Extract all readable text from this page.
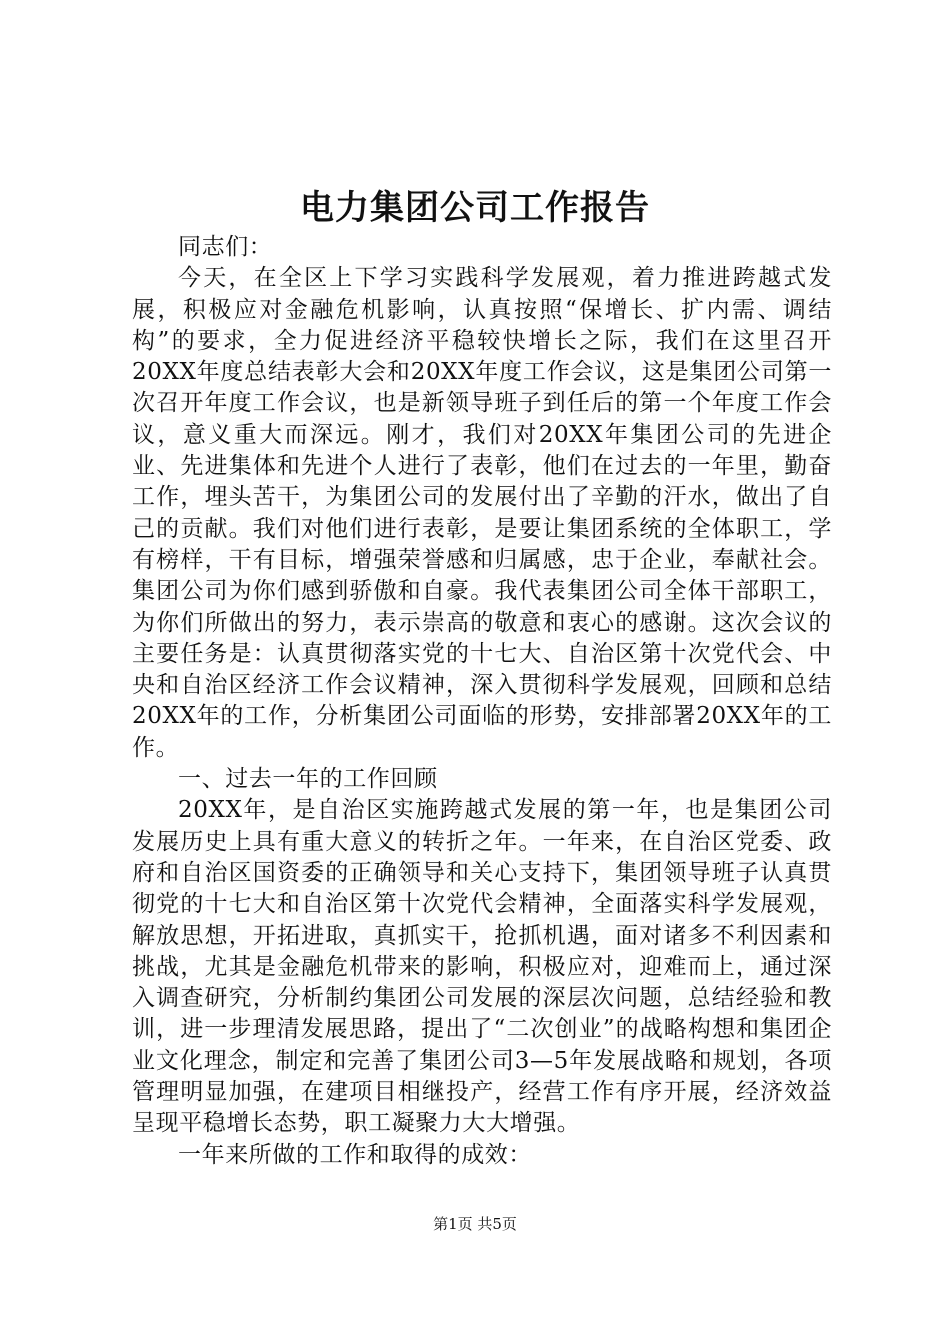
电力集团公司工作报告

同志们：

今天，在全区上下学习实践科学发展观，着力推进跨越式发展，积极应对金融危机影响，认真按照“保增长、扩内需、调结构”的要求，全力促进经济平稳较快增长之际，我们在这里召开20XX年度总结表彰大会和20XX年度工作会议，这是集团公司第一次召开年度工作会议，也是新领导班子到任后的第一个年度工作会议，意义重大而深远。刚才，我们对20XX年集团公司的先进企业、先进集体和先进个人进行了表彰，他们在过去的一年里，勤奋工作，埋头苦干，为集团公司的发展付出了辛勤的汗水，做出了自己的贡献。我们对他们进行表彰，是要让集团系统的全体职工，学有榜样，干有目标，增强荣誉感和归属感，忠于企业，奉献社会。集团公司为你们感到骄傲和自豪。我代表集团公司全体干部职工，为你们所做出的努力，表示崇高的敬意和衷心的感谢。这次会议的主要任务是：认真贯彻落实党的十七大、自治区第十次党代会、中央和自治区经济工作会议精神，深入贯彻科学发展观，回顾和总结20XX年的工作，分析集团公司面临的形势，安排部署20XX年的工作。

一、过去一年的工作回顾

20XX年，是自治区实施跨越式发展的第一年，也是集团公司发展历史上具有重大意义的转折之年。一年来，在自治区党委、政府和自治区国资委的正确领导和关心支持下，集团领导班子认真贯彻党的十七大和自治区第十次党代会精神，全面落实科学发展观，解放思想，开拓进取，真抓实干，抢抓机遇，面对诸多不利因素和挑战，尤其是金融危机带来的影响，积极应对，迎难而上，通过深入调查研究，分析制约集团公司发展的深层次问题，总结经验和教训，进一步理清发展思路，提出了“二次创业”的战略构想和集团企业文化理念，制定和完善了集团公司3—5年发展战略和规划，各项管理明显加强，在建项目相继投产，经营工作有序开展，经济效益呈现平稳增长态势，职工凝聚力大大增强。

一年来所做的工作和取得的成效：

第1页 共5页
